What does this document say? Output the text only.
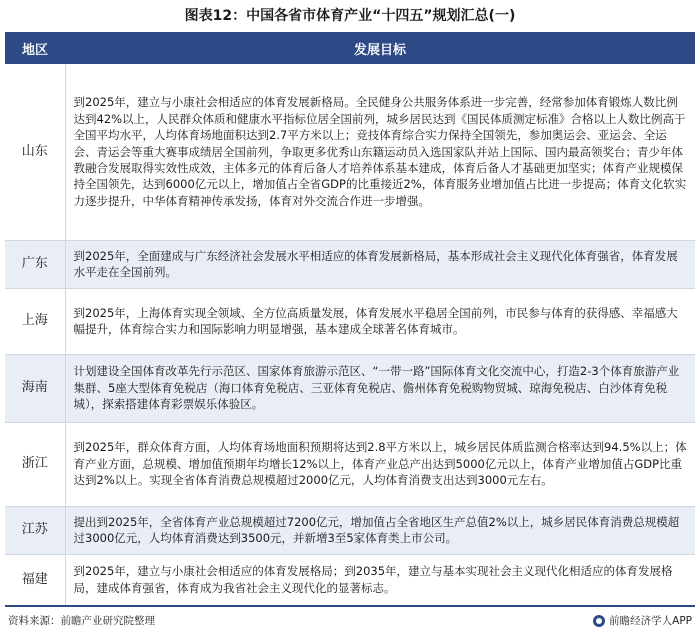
图表12：中国各省市体育产业“十四五”规划汇总(一)
地区	发展目标
山东	到2025年，建立与小康社会相适应的体育发展新格局。全民健身公共服务体系进一步完善，经常参加体育锻炼人数比例达到42%以上，人民群众体质和健康水平指标位居全国前列，城乡居民达到《国民体质测定标准》合格以上人数比例高于全国平均水平，人均体育场地面积达到2.7平方米以上；竞技体育综合实力保持全国领先，参加奥运会、亚运会、全运会、青运会等重大赛事成绩居全国前列，争取更多优秀山东籍运动员入选国家队并站上国际、国内最高领奖台；青少年体教融合发展取得实效性成效，主体多元的体育后备人才培养体系基本建成，体育后备人才基础更加坚实；体育产业规模保持全国领先，达到6000亿元以上，增加值占全省GDP的比重接近2%，体育服务业增加值占比进一步提高；体育文化软实力逐步提升，中华体育精神传承发扬，体育对外交流合作进一步增强。
广东	到2025年，全面建成与广东经济社会发展水平相适应的体育发展新格局，基本形成社会主义现代化体育强省，体育发展水平走在全国前列。
上海	到2025年，上海体育实现全领域、全方位高质量发展，体育发展水平稳居全国前列，市民参与体育的获得感、幸福感大幅提升，体育综合实力和国际影响力明显增强，基本建成全球著名体育城市。
海南	计划建设全国体育改革先行示范区、国家体育旅游示范区、“一带一路”国际体育文化交流中心，打造2-3个体育旅游产业集群、5座大型体育免税店（海口体育免税店、三亚体育免税店、儋州体育免税购物贸城、琼海免税店、白沙体育免税城），探索搭建体育彩票娱乐体验区。
浙江	到2025年，群众体育方面，人均体育场地面积预期将达到2.8平方米以上，城乡居民体质监测合格率达到94.5%以上；体育产业方面，总规模、增加值预期年均增长12%以上，体育产业总产出达到5000亿元以上，体育产业增加值占GDP比重达到2%以上。实现全省体育消费总规模超过2000亿元，人均体育消费支出达到3000元左右。
江苏	提出到2025年，全省体育产业总规模超过7200亿元，增加值占全省地区生产总值2%以上，城乡居民体育消费总规模超过3000亿元，人均体育消费达到3500元，并新增3至5家体育类上市公司。
福建	到2025年，建立与小康社会相适应的体育发展格局；到2035年，建立与基本实现社会主义现代化相适应的体育发展格局，建成体育强省，体育成为我省社会主义现代化的显著标志。
资料来源：前瞻产业研究院整理	前瞻经济学人APP
